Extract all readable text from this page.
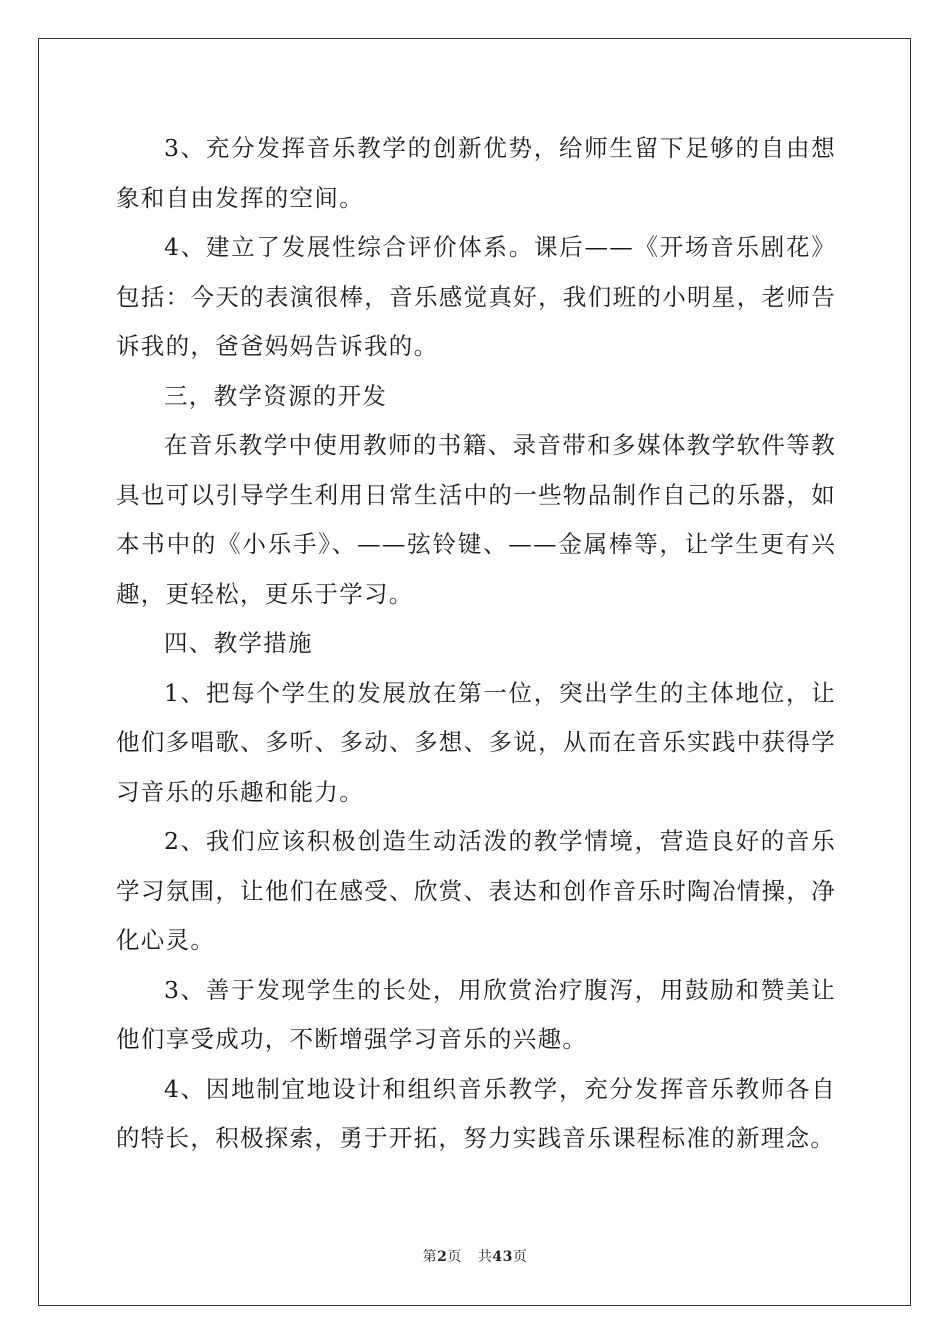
3、充分发挥音乐教学的创新优势，给师生留下足够的自由想象和自由发挥的空间。

4、建立了发展性综合评价体系。课后——《开场音乐剧花》包括：今天的表演很棒，音乐感觉真好，我们班的小明星，老师告诉我的，爸爸妈妈告诉我的。

三，教学资源的开发

在音乐教学中使用教师的书籍、录音带和多媒体教学软件等教具也可以引导学生利用日常生活中的一些物品制作自己的乐器，如本书中的《小乐手》、——弦铃键、——金属棒等，让学生更有兴趣，更轻松，更乐于学习。

四、教学措施

1、把每个学生的发展放在第一位，突出学生的主体地位，让他们多唱歌、多听、多动、多想、多说，从而在音乐实践中获得学习音乐的乐趣和能力。

2、我们应该积极创造生动活泼的教学情境，营造良好的音乐学习氛围，让他们在感受、欣赏、表达和创作音乐时陶冶情操，净化心灵。

3、善于发现学生的长处，用欣赏治疗腹泻，用鼓励和赞美让他们享受成功，不断增强学习音乐的兴趣。

4、因地制宜地设计和组织音乐教学，充分发挥音乐教师各自的特长，积极探索，勇于开拓，努力实践音乐课程标准的新理念。

第2页 共43页
